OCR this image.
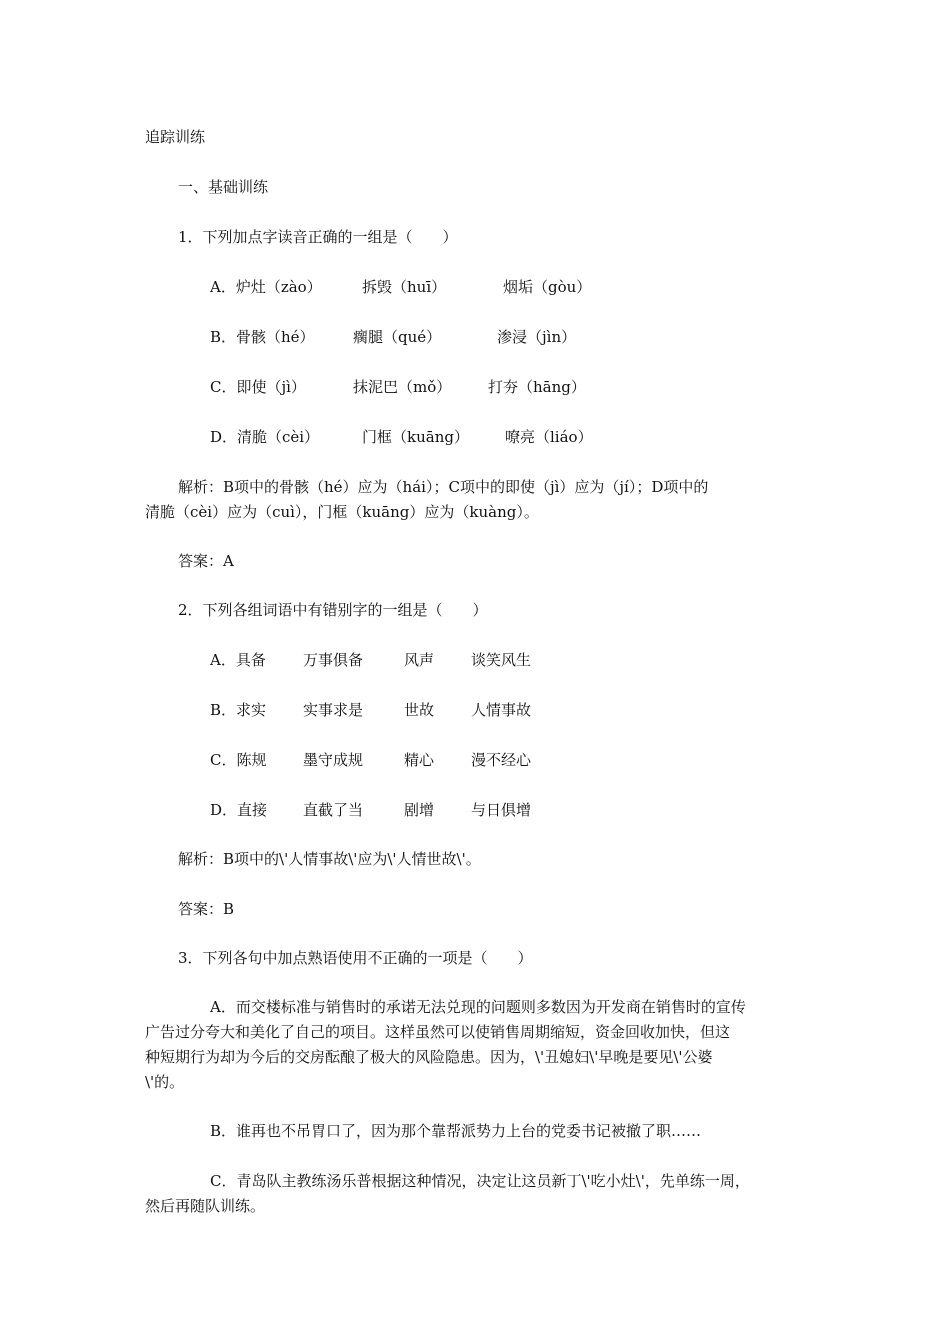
追踪训练
一、基础训练
1．下列加点字读音正确的一组是（　　）
A．炉灶（zào）	拆毁（huī）	烟垢（gòu）
B．骨骸（hé）	瘸腿（qué）	渗浸（jìn）
C．即使（jì）	抹泥巴（mǒ） 打夯（hāng）
D．清脆（cèi）	门框（kuāng） 嘹亮（liáo）
解析：B项中的骨骸（hé）应为（hái）；C项中的即使（jì）应为（jí）；D项中的
清脆（cèi）应为（cuì），门框（kuāng）应为（kuàng）。
答案：A
2．下列各组词语中有错别字的一组是（　　）
A．具备 万事俱备	风声 谈笑风生
B．求实 实事求是	世故 人情事故
C．陈规 墨守成规	精心 漫不经心
D．直接 直截了当	剧增 与日俱增
解析：B项中的\'人情事故\'应为\'人情世故\'。
答案：B
3．下列各句中加点熟语使用不正确的一项是（　　）
A．而交楼标准与销售时的承诺无法兑现的问题则多数因为开发商在销售时的宣传
广告过分夸大和美化了自己的项目。这样虽然可以使销售周期缩短，资金回收加快，但这
种短期行为却为今后的交房酝酿了极大的风险隐患。因为，\'丑媳妇\'早晚是要见\'公婆
\'的。
B．谁再也不吊胃口了，因为那个靠帮派势力上台的党委书记被撤了职……
C．青岛队主教练汤乐普根据这种情况，决定让这员新丁\'吃小灶\'，先单练一周，
然后再随队训练。
